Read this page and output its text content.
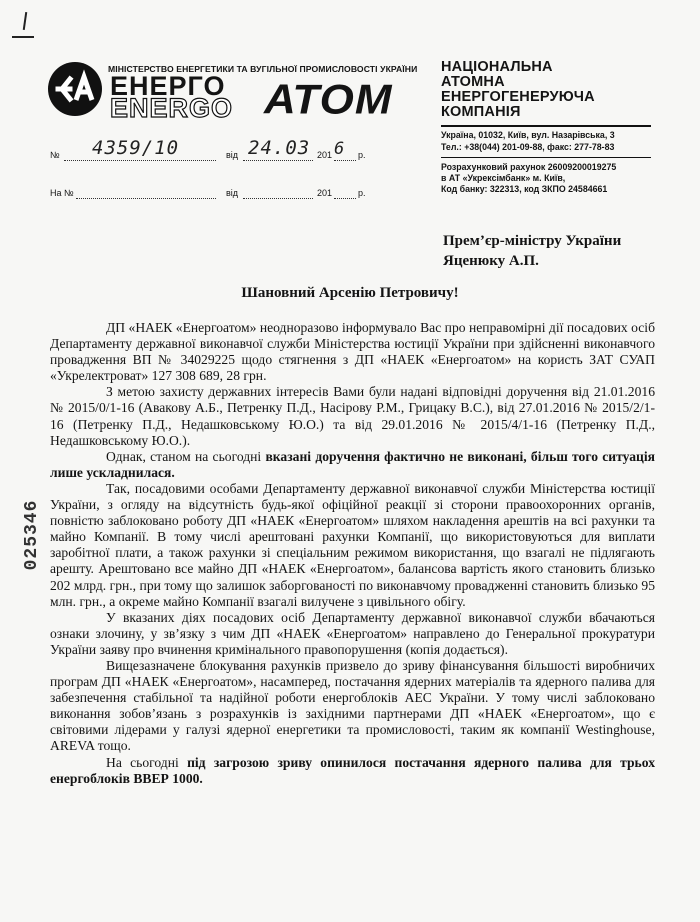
025346
МІНІСТЕРСТВО ЕНЕРГЕТИКИ ТА ВУГІЛЬНОЇ ПРОМИСЛОВОСТІ УКРАЇНИ
ЕНЕРГО
ENERGO АТОМ
НАЦІОНАЛЬНА
АТОМНА
ЕНЕРГОГЕНЕРУЮЧА
КОМПАНІЯ
Україна, 01032, Київ, вул. Назарівська, 3
Тел.: +38(044) 201-09-88, факс: 277-78-83
Розрахунковий рахунок 26009200019275
в АТ «Укрексімбанк» м. Київ,
Код банку: 322313, код ЗКПО 24584661
№ 4359/10	від 24.03 201 6 р.
На №	від	201	р.
Прем’єр-міністру України
Яценюку А.П.
Шановний Арсенію Петровичу!

ДП «НАЕК «Енергоатом» неодноразово інформувало Вас про неправомірні дії посадових осіб Департаменту державної виконавчої служби Міністерства юстиції України при здійсненні виконавчого провадження ВП № 34029225 щодо стягнення з ДП «НАЕК «Енергоатом» на користь ЗАТ СУАП «Укрелектроват» 127 308 689, 28 грн.

З метою захисту державних інтересів Вами були надані відповідні доручення від 21.01.2016 № 2015/0/1-16 (Авакову А.Б., Петренку П.Д., Насірову Р.М., Грицаку В.С.), від 27.01.2016 № 2015/2/1-16 (Петренку П.Д., Недашковському Ю.О.) та від 29.01.2016 № 2015/4/1-16 (Петренку П.Д., Недашковському Ю.О.).

Однак, станом на сьогодні вказані доручення фактично не виконані, більш того ситуація лише ускладнилася.

Так, посадовими особами Департаменту державної виконавчої служби Міністерства юстиції України, з огляду на відсутність будь-якої офіційної реакції зі сторони правоохоронних органів, повністю заблоковано роботу ДП «НАЕК «Енергоатом» шляхом накладення арештів на всі рахунки та майно Компанії. В тому числі арештовані рахунки Компанії, що використовуються для виплати заробітної плати, а також рахунки зі спеціальним режимом використання, що взагалі не підлягають арешту. Арештовано все майно ДП «НАЕК «Енергоатом», балансова вартість якого становить близько 202 млрд. грн., при тому що залишок заборгованості по виконавчому провадженні становить близько 95 млн. грн., а окреме майно Компанії взагалі вилучене з цивільного обігу.

У вказаних діях посадових осіб Департаменту державної виконавчої служби вбачаються ознаки злочину, у зв’язку з чим ДП «НАЕК «Енергоатом» направлено до Генеральної прокуратури України заяву про вчинення кримінального правопорушення (копія додається).

Вищезазначене блокування рахунків призвело до зриву фінансування більшості виробничих програм ДП «НАЕК «Енергоатом», насамперед, постачання ядерних матеріалів та ядерного палива для забезпечення стабільної та надійної роботи енергоблоків АЕС України. У тому числі заблоковано виконання зобов’язань з розрахунків із західними партнерами ДП «НАЕК «Енергоатом», що є світовими лідерами у галузі ядерної енергетики та промисловості, таким як компанії Westinghouse, AREVA тощо.

На сьогодні під загрозою зриву опинилося постачання ядерного палива для трьох енергоблоків ВВЕР 1000.
